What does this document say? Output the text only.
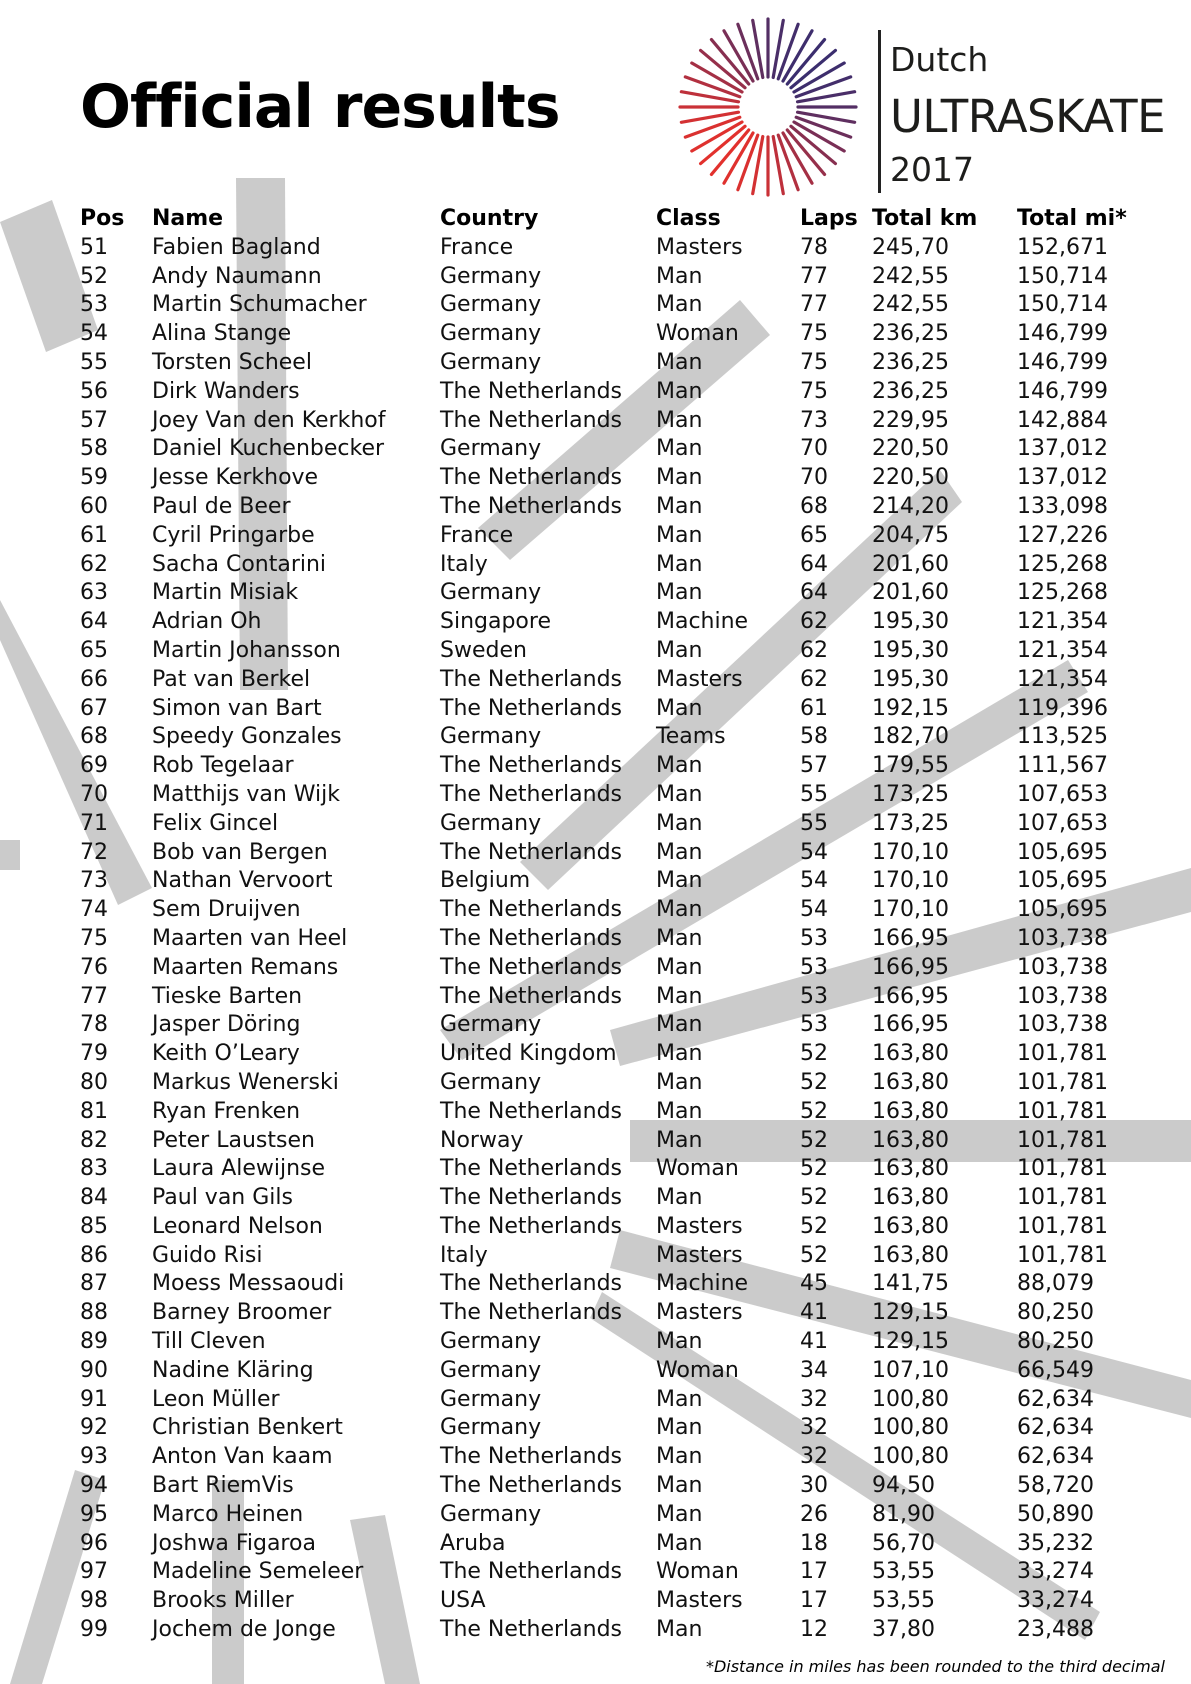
Official results
Dutch
ULTRASKATE
2017
Pos	Name	Country	Class	Laps	Total km	Total mi*
51	Fabien Bagland	France	Masters	78	245,70	152,671
52	Andy Naumann	Germany	Man	77	242,55	150,714
53	Martin Schumacher	Germany	Man	77	242,55	150,714
54	Alina Stange	Germany	Woman	75	236,25	146,799
55	Torsten Scheel	Germany	Man	75	236,25	146,799
56	Dirk Wanders	The Netherlands	Man	75	236,25	146,799
57	Joey Van den Kerkhof	The Netherlands	Man	73	229,95	142,884
58	Daniel Kuchenbecker	Germany	Man	70	220,50	137,012
59	Jesse Kerkhove	The Netherlands	Man	70	220,50	137,012
60	Paul de Beer	The Netherlands	Man	68	214,20	133,098
61	Cyril Pringarbe	France	Man	65	204,75	127,226
62	Sacha Contarini	Italy	Man	64	201,60	125,268
63	Martin Misiak	Germany	Man	64	201,60	125,268
64	Adrian Oh	Singapore	Machine	62	195,30	121,354
65	Martin Johansson	Sweden	Man	62	195,30	121,354
66	Pat van Berkel	The Netherlands	Masters	62	195,30	121,354
67	Simon van Bart	The Netherlands	Man	61	192,15	119,396
68	Speedy Gonzales	Germany	Teams	58	182,70	113,525
69	Rob Tegelaar	The Netherlands	Man	57	179,55	111,567
70	Matthijs van Wijk	The Netherlands	Man	55	173,25	107,653
71	Felix Gincel	Germany	Man	55	173,25	107,653
72	Bob van Bergen	The Netherlands	Man	54	170,10	105,695
73	Nathan Vervoort	Belgium	Man	54	170,10	105,695
74	Sem Druijven	The Netherlands	Man	54	170,10	105,695
75	Maarten van Heel	The Netherlands	Man	53	166,95	103,738
76	Maarten Remans	The Netherlands	Man	53	166,95	103,738
77	Tieske Barten	The Netherlands	Man	53	166,95	103,738
78	Jasper Döring	Germany	Man	53	166,95	103,738
79	Keith O’Leary	United Kingdom	Man	52	163,80	101,781
80	Markus Wenerski	Germany	Man	52	163,80	101,781
81	Ryan Frenken	The Netherlands	Man	52	163,80	101,781
82	Peter Laustsen	Norway	Man	52	163,80	101,781
83	Laura Alewijnse	The Netherlands	Woman	52	163,80	101,781
84	Paul van Gils	The Netherlands	Man	52	163,80	101,781
85	Leonard Nelson	The Netherlands	Masters	52	163,80	101,781
86	Guido Risi	Italy	Masters	52	163,80	101,781
87	Moess Messaoudi	The Netherlands	Machine	45	141,75	88,079
88	Barney Broomer	The Netherlands	Masters	41	129,15	80,250
89	Till Cleven	Germany	Man	41	129,15	80,250
90	Nadine Kläring	Germany	Woman	34	107,10	66,549
91	Leon Müller	Germany	Man	32	100,80	62,634
92	Christian Benkert	Germany	Man	32	100,80	62,634
93	Anton Van kaam	The Netherlands	Man	32	100,80	62,634
94	Bart RiemVis	The Netherlands	Man	30	94,50	58,720
95	Marco Heinen	Germany	Man	26	81,90	50,890
96	Joshwa Figaroa	Aruba	Man	18	56,70	35,232
97	Madeline Semeleer	The Netherlands	Woman	17	53,55	33,274
98	Brooks Miller	USA	Masters	17	53,55	33,274
99	Jochem de Jonge	The Netherlands	Man	12	37,80	23,488
*Distance in miles has been rounded to the third decimal
